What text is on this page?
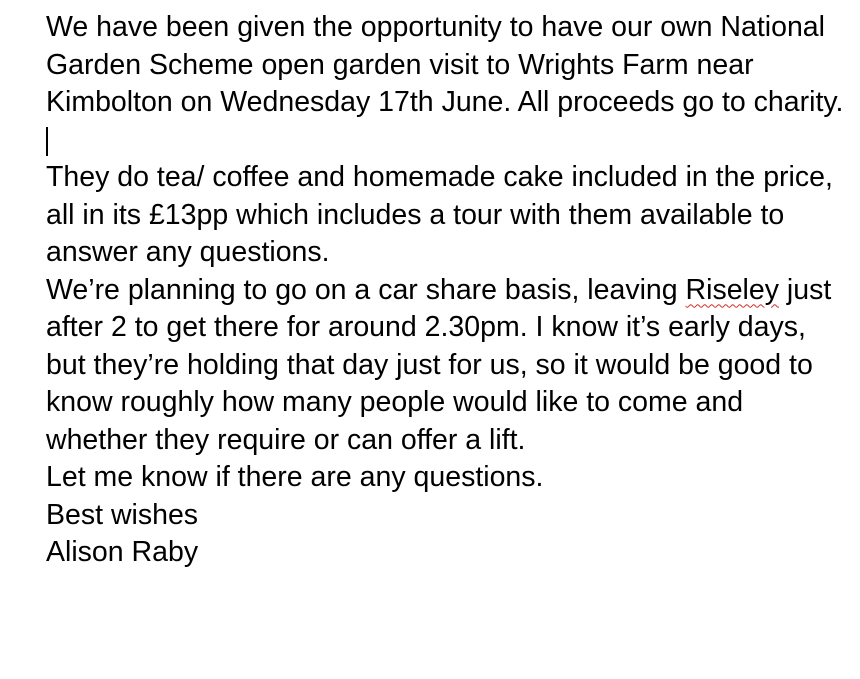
We have been given the opportunity to have our own National Garden Scheme open garden visit to Wrights Farm near Kimbolton on Wednesday 17th June. All proceeds go to charity.

They do tea/ coffee and homemade cake included in the price, all in its £13pp which includes a tour with them available to answer any questions.

We’re planning to go on a car share basis, leaving Riseley just after 2 to get there for around 2.30pm. I know it’s early days, but they’re holding that day just for us, so it would be good to know roughly how many people would like to come and whether they require or can offer a lift.

Let me know if there are any questions.

Best wishes

Alison Raby
